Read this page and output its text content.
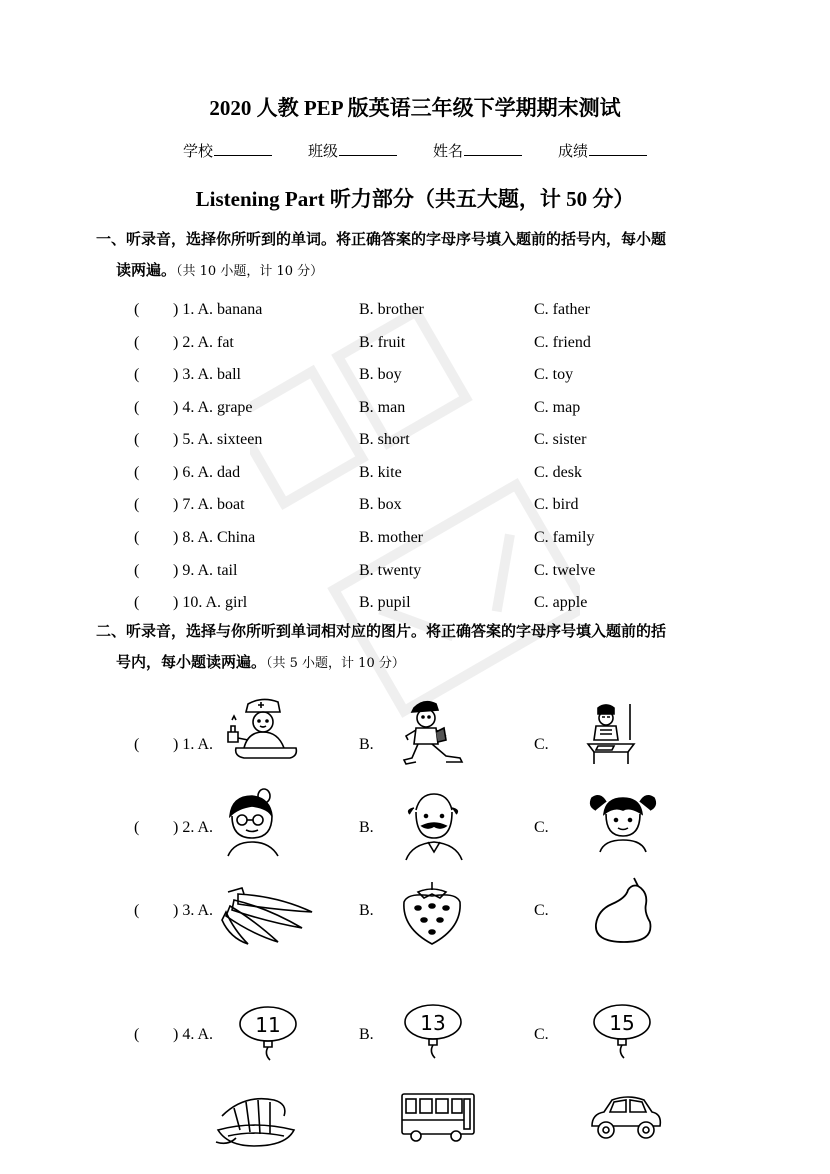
2020 人教 PEP 版英语三年级下学期期末测试
学校	班级	姓名	成绩
Listening Part 听力部分（共五大题，计 50 分）
一、听录音，选择你所听到的单词。将正确答案的字母序号填入题前的括号内，每小题
读两遍。（共 10 小题，计 10 分）
( ) 1. A. banana	B. brother	C. father
( ) 2. A. fat	B. fruit	C. friend
( ) 3. A. ball	B. boy	C. toy
( ) 4. A. grape	B. man	C. map
( ) 5. A. sixteen	B. short	C. sister
( ) 6. A. dad	B. kite	C. desk
( ) 7. A. boat	B. box	C. bird
( ) 8. A. China	B. mother	C. family
( ) 9. A. tail	B. twenty	C. twelve
( ) 10. A. girl	B. pupil	C. apple
二、听录音，选择与你所听到单词相对应的图片。将正确答案的字母序号填入题前的括
号内，每小题读两遍。（共 5 小题，计 10 分）
( ) 1. A.	B.	C.
( ) 2. A.	B.	C.
( ) 3. A.	B.	C.
( ) 4. A.	B.	C.
11	13	15
